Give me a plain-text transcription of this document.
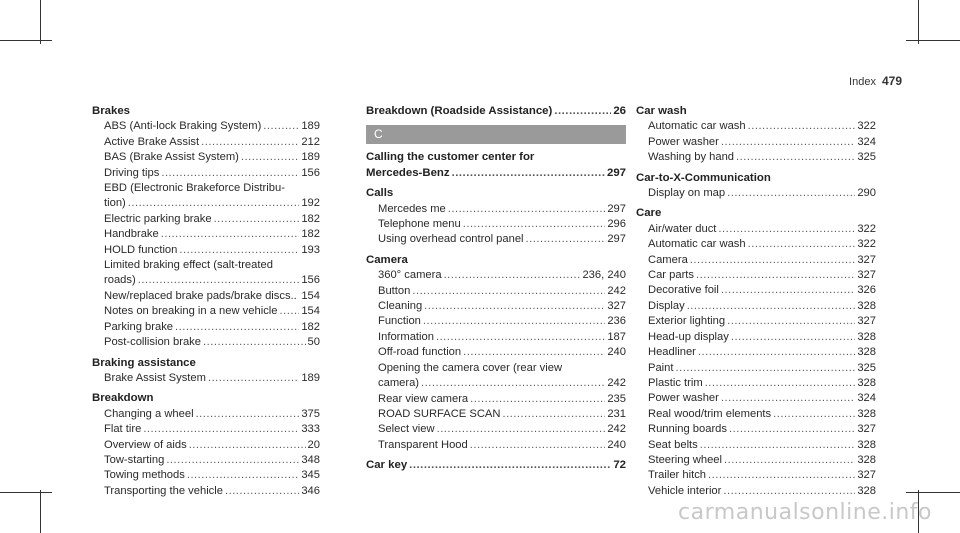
Index 479
Brakes
ABS (Anti-lock Braking System) .....	189
Active Brake Assist .....	212
BAS (Brake Assist System) .....	189
Driving tips .....	156
EBD (Electronic Brakeforce Distribu-
tion) .....	192
Electric parking brake .....	182
Handbrake .....	182
HOLD function .....	193
Limited braking effect (salt-treated
roads) .....	156
New/replaced brake pads/brake discs.. 154
Notes on breaking in a new vehicle ..... 154
Parking brake .....	182
Post-collision brake .....	50
Braking assistance
Brake Assist System .....	189
Breakdown
Changing a wheel .....	375
Flat tire .....	333
Overview of aids .....	20
Tow-starting .....	348
Towing methods .....	345
Transporting the vehicle .....	346
Breakdown (Roadside Assistance) .....	26
C
Calling the customer center for
Mercedes-Benz .....	297
Calls
Mercedes me .....	297
Telephone menu .....	296
Using overhead control panel .....	297
Camera
360° camera .....	236, 240
Button .....	242
Cleaning .....	327
Function .....	236
Information .....	187
Off-road function .....	240
Opening the camera cover (rear view
camera) .....	242
Rear view camera .....	235
ROAD SURFACE SCAN .....	231
Select view .....	242
Transparent Hood .....	240
Car key .....	72
Car wash
Automatic car wash .....	322
Power washer .....	324
Washing by hand .....	325
Car-to-X-Communication
Display on map .....	290
Care
Air/water duct .....	322
Automatic car wash .....	322
Camera .....	327
Car parts .....	327
Decorative foil .....	326
Display .....	328
Exterior lighting .....	327
Head-up display .....	328
Headliner .....	328
Paint .....	325
Plastic trim .....	328
Power washer .....	324
Real wood/trim elements .....	328
Running boards .....	327
Seat belts .....	328
Steering wheel .....	328
Trailer hitch .....	327
Vehicle interior .....	328
carmanualsonline.info
